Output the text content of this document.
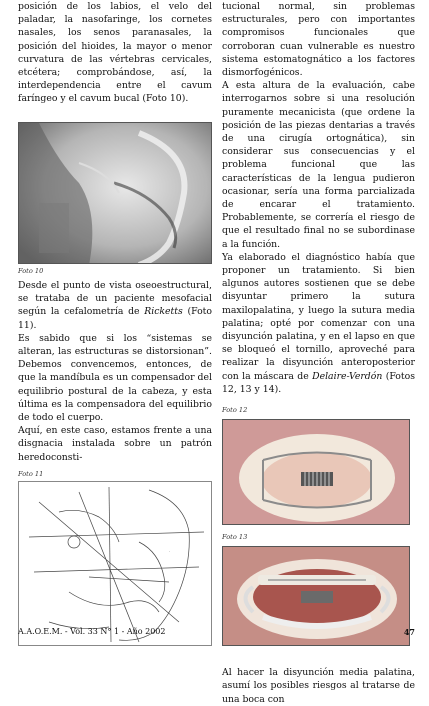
posición de los labios, el velo del paladar, la nasofaringe, los cornetes nasales, los senos paranasales, la posición del hioides, la mayor o menor curvatura de las vértebras cervicales, etcétera; comprobándose, así, la interdependencia entre el cavum faríngeo y el cavum bucal (Foto 10).

Foto 10

Desde el punto de vista oseoestructural, se trataba de un paciente mesofacial según la cefalometría de Ricketts (Foto 11).

Es sabido que si los “sistemas se alteran, las estructuras se distorsionan”. Debemos convencemos, entonces, de que la mandíbula es un compensador del equilibrio postural de la cabeza, y esta última es la compensadora del equilibrio de todo el cuerpo.

Aquí, en este caso, estamos frente a una disgnacia instalada sobre un patrón heredoconsti-

Foto 11
.

tucional normal, sin problemas estructurales, pero con importantes compromisos funcionales que corroboran cuan vulnerable es nuestro sistema estomatognático a los factores dismorfogénicos.

A esta altura de la evaluación, cabe interrogarnos sobre si una resolución puramente mecanicista (que ordene la posición de las piezas dentarias a través de una cirugía ortognática), sin considerar sus consecuencias y el problema funcional que las características de la lengua pudieron ocasionar, sería una forma parcializada de encarar el tratamiento. Probablemente, se correría el riesgo de que el resultado final no se subordinase a la función.

Ya elaborado el diagnóstico había que proponer un tratamiento. Si bien algunos autores sostienen que se debe disyuntar primero la sutura maxilopalatina, y luego la sutura media palatina; opté por comenzar con una disyunción palatina, y en el lapso en que se bloqueó el tornillo, aproveché para realizar la disyunción anteroposterior con la máscara de Delaire-Verdón (Fotos 12, 13 y 14).

Foto 12
Foto 13

Al hacer la disyunción media palatina, asumí los posibles riesgos al tratarse de una boca con

A.A.O.E.M. - Vol. 33 N° 1 - Año 2002	47
